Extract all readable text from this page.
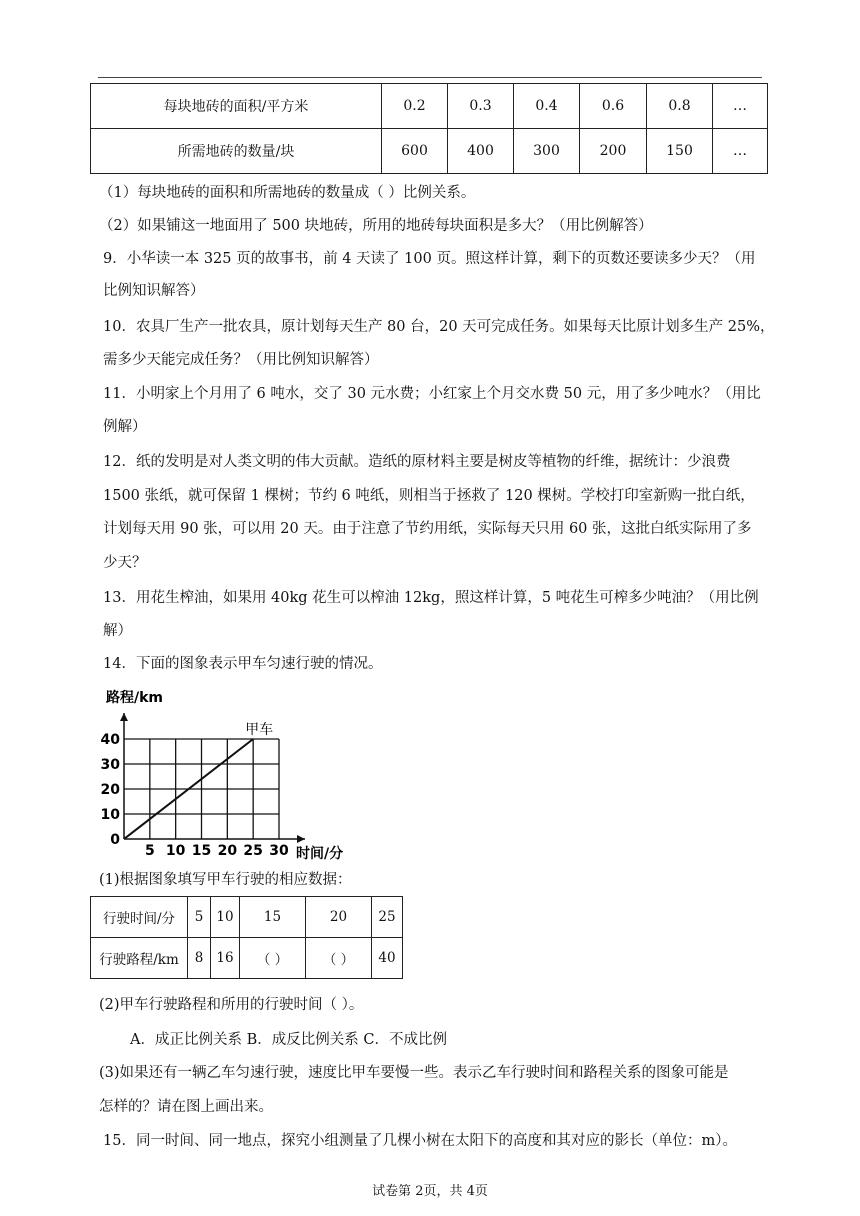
每块地砖的面积/平方米	0.2	0.3	0.4	0.6	0.8	…
所需地砖的数量/块	600	400	300	200	150	…
（1）每块地砖的面积和所需地砖的数量成（ ）比例关系。
（2）如果铺这一地面用了 500 块地砖，所用的地砖每块面积是多大？（用比例解答）
9．小华读一本 325 页的故事书，前 4 天读了 100 页。照这样计算，剩下的页数还要读多少天？（用
比例知识解答）
10．农具厂生产一批农具，原计划每天生产 80 台，20 天可完成任务。如果每天比原计划多生产 25%，
需多少天能完成任务？（用比例知识解答）
11．小明家上个月用了 6 吨水，交了 30 元水费；小红家上个月交水费 50 元，用了多少吨水？（用比
例解）
12．纸的发明是对人类文明的伟大贡献。造纸的原材料主要是树皮等植物的纤维，据统计：少浪费
1500 张纸，就可保留 1 棵树；节约 6 吨纸，则相当于拯救了 120 棵树。学校打印室新购一批白纸，
计划每天用 90 张，可以用 20 天。由于注意了节约用纸，实际每天只用 60 张，这批白纸实际用了多
少天？
13．用花生榨油，如果用 40kg 花生可以榨油 12kg，照这样计算，5 吨花生可榨多少吨油？（用比例
解）
14．下面的图象表示甲车匀速行驶的情况。
5 10 15 20 25 30
0
10
20
30
40
甲车
路程/km
时间/分
(1)根据图象填写甲车行驶的相应数据：
行驶时间/分	5	10	15	20	25
行驶路程/km	8	16	（ ）	（ ）	40
(2)甲车行驶路程和所用的行驶时间（ ）。
A．成正比例关系 B．成反比例关系 C．不成比例
(3)如果还有一辆乙车匀速行驶，速度比甲车要慢一些。表示乙车行驶时间和路程关系的图象可能是
怎样的？请在图上画出来。
15．同一时间、同一地点，探究小组测量了几棵小树在太阳下的高度和其对应的影长（单位：m）。
试卷第 2页，共 4页
